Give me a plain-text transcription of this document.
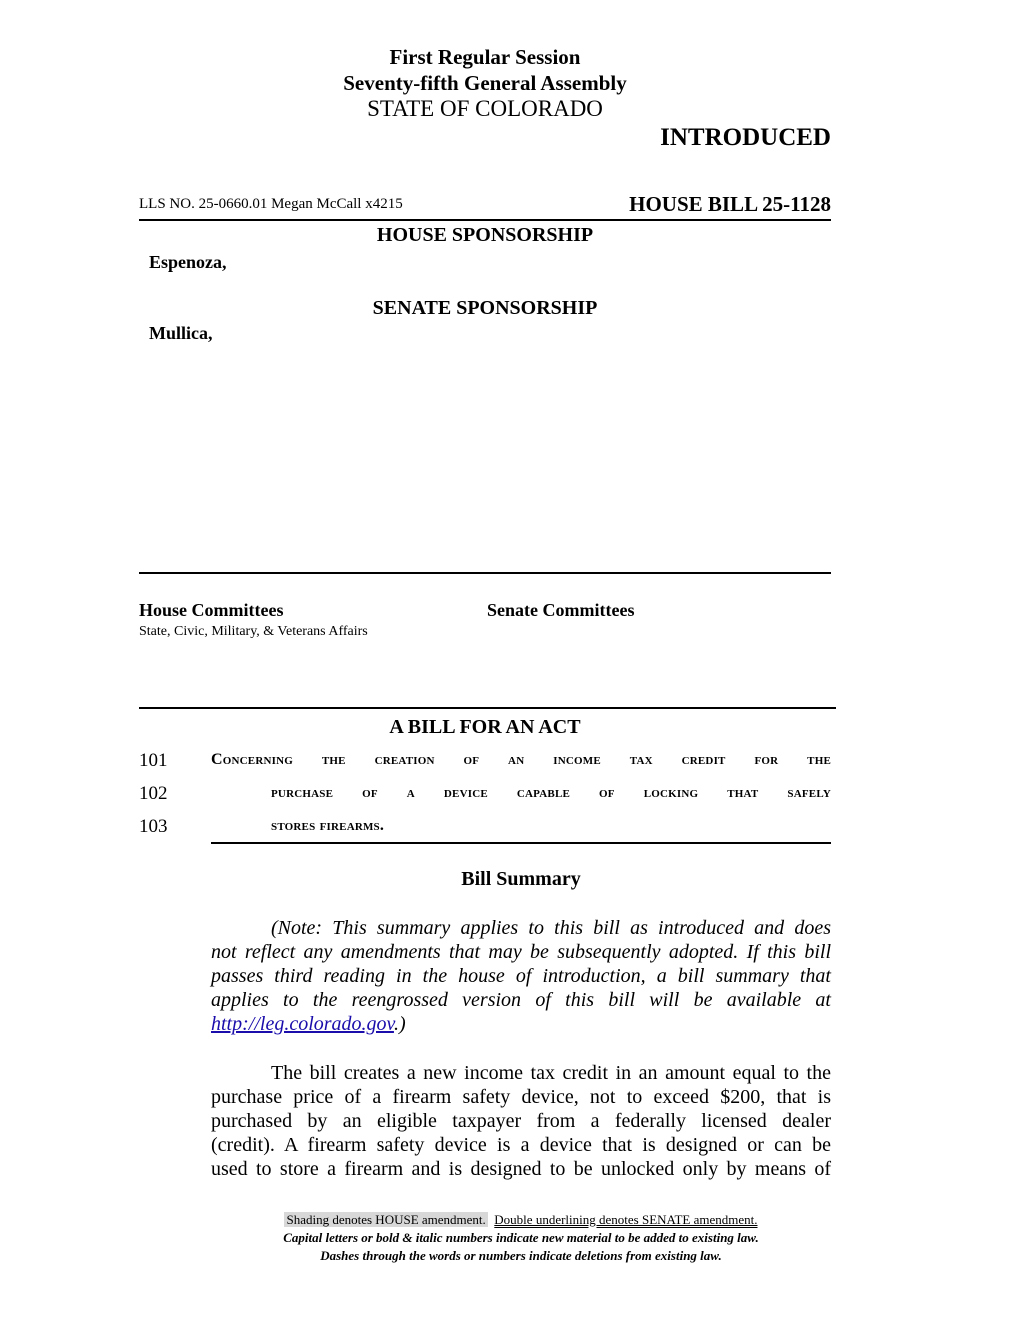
First Regular Session
Seventy-fifth General Assembly
STATE OF COLORADO
INTRODUCED
LLS NO. 25-0660.01 Megan McCall x4215	HOUSE BILL 25-1128
HOUSE SPONSORSHIP
Espenoza,
SENATE SPONSORSHIP
Mullica,
House Committees
State, Civic, Military, & Veterans Affairs
Senate Committees
A BILL FOR AN ACT
101	Concerning the creation of an income tax credit for the
102	purchase of a device capable of locking that safely
103	stores firearms.
Bill Summary
(Note: This summary applies to this bill as introduced and does
not reflect any amendments that may be subsequently adopted. If this bill
passes third reading in the house of introduction, a bill summary that
applies to the reengrossed version of this bill will be available at
http://leg.colorado.gov.)
The bill creates a new income tax credit in an amount equal to the
purchase price of a firearm safety device, not to exceed $200, that is
purchased by an eligible taxpayer from a federally licensed dealer
(credit). A firearm safety device is a device that is designed or can be
used to store a firearm and is designed to be unlocked only by means of
Shading denotes HOUSE amendment. Double underlining denotes SENATE amendment.
Capital letters or bold & italic numbers indicate new material to be added to existing law.
Dashes through the words or numbers indicate deletions from existing law.
